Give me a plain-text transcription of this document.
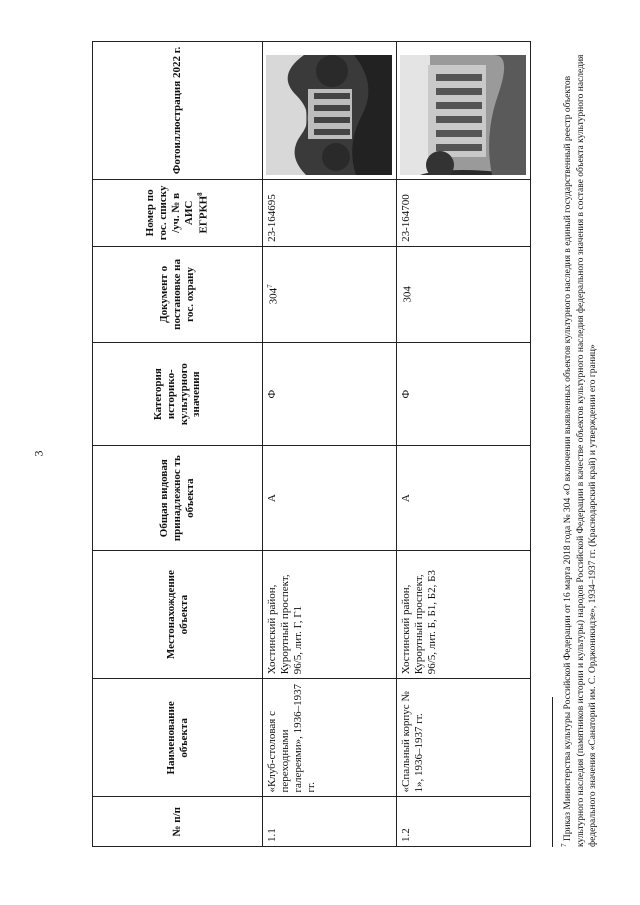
3
№ п/п	Наименование объекта	Местонахождение объекта	Общая видовая принадлежнос ть объекта	Категория историко-культурного значения	Документ о постановке на гос. охрану	Номер по гос. списку /уч. № в АИС ЕГРКН$^8$	Фотоиллюстрация 2022 г.
1.1	«Клуб-столовая с переходными галереями», 1936–1937 гг.	Хостинский район, Курортный проспект, 96/5, лит. Г, Г1	А	Ф	$304^7$	23-164695	

1.2	«Спальный корпус № 1», 1936–1937 гг.	Хостинский район, Курортный проспект, 96/5, лит. Б, Б1, Б2, Б3	А	Ф	304	23-164700	
$^7$ Приказ Министерства культуры Российской Федерации от 16 марта 2018 года № 304 «О включении выявленных объектов культурного наследия в единый государственный реестр объектов культурного наследия (памятников истории и культуры) народов Российской Федерации в качестве объектов культурного наследия федерального значения в составе объекта культурного наследия федерального значения «Санаторий им. С. Орджоникидзе», 1934–1937 гг. (Краснодарский край) и утверждении его границ»
